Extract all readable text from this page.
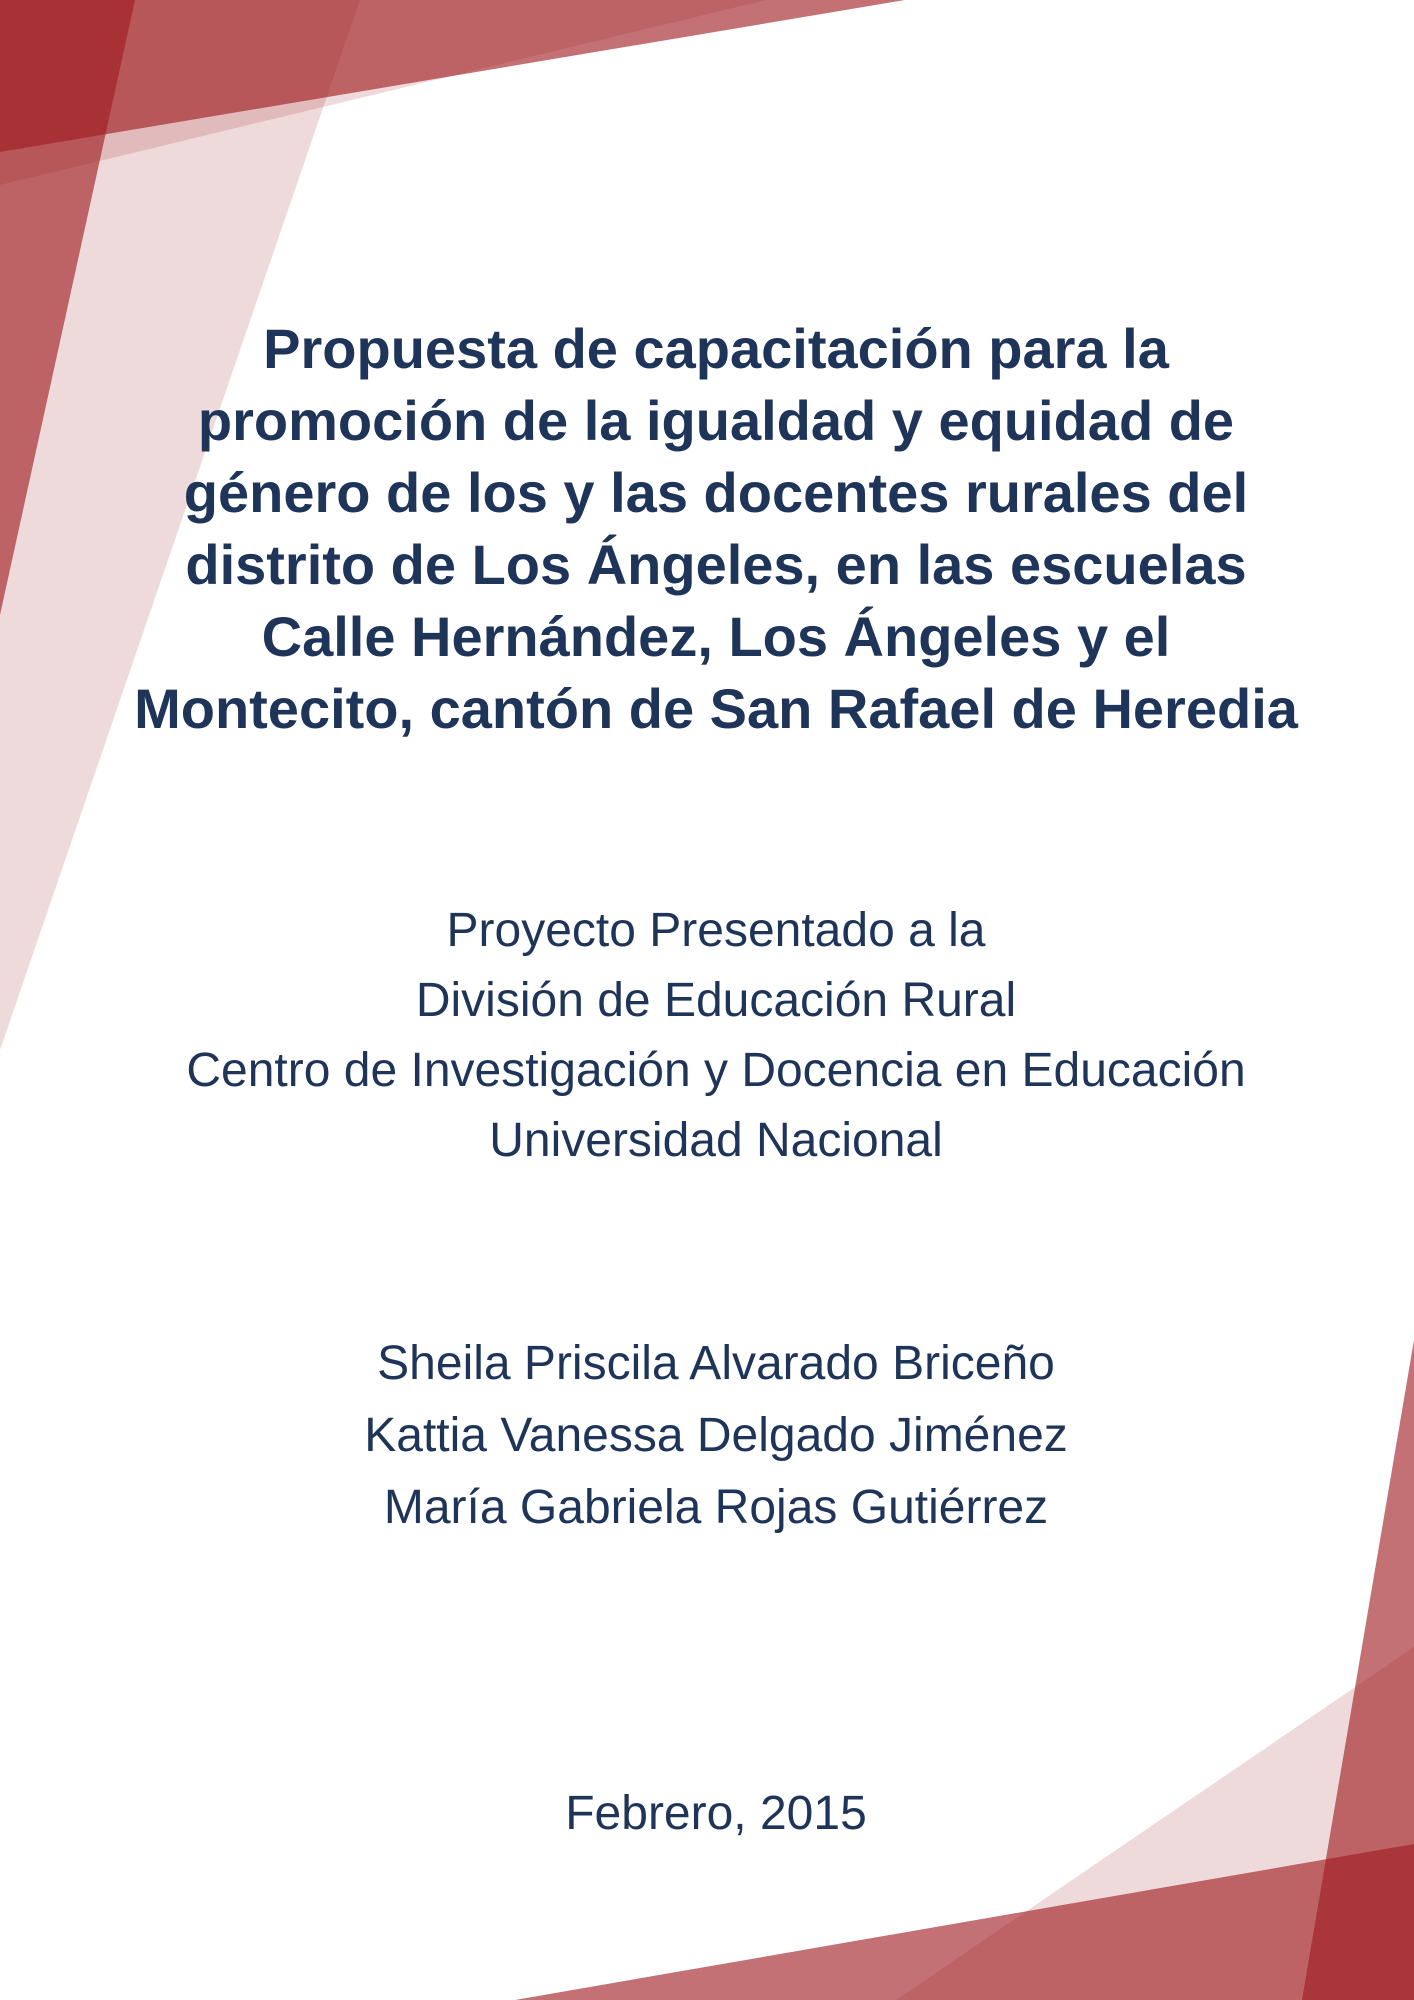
Propuesta de capacitación para la
promoción de la igualdad y equidad de
género de los y las docentes rurales del
distrito de Los Ángeles, en las escuelas
Calle Hernández, Los Ángeles y el
Montecito, cantón de San Rafael de Heredia
Proyecto Presentado a la
División de Educación Rural
Centro de Investigación y Docencia en Educación
Universidad Nacional
Sheila Priscila Alvarado Briceño
Kattia Vanessa Delgado Jiménez
María Gabriela Rojas Gutiérrez
Febrero, 2015
